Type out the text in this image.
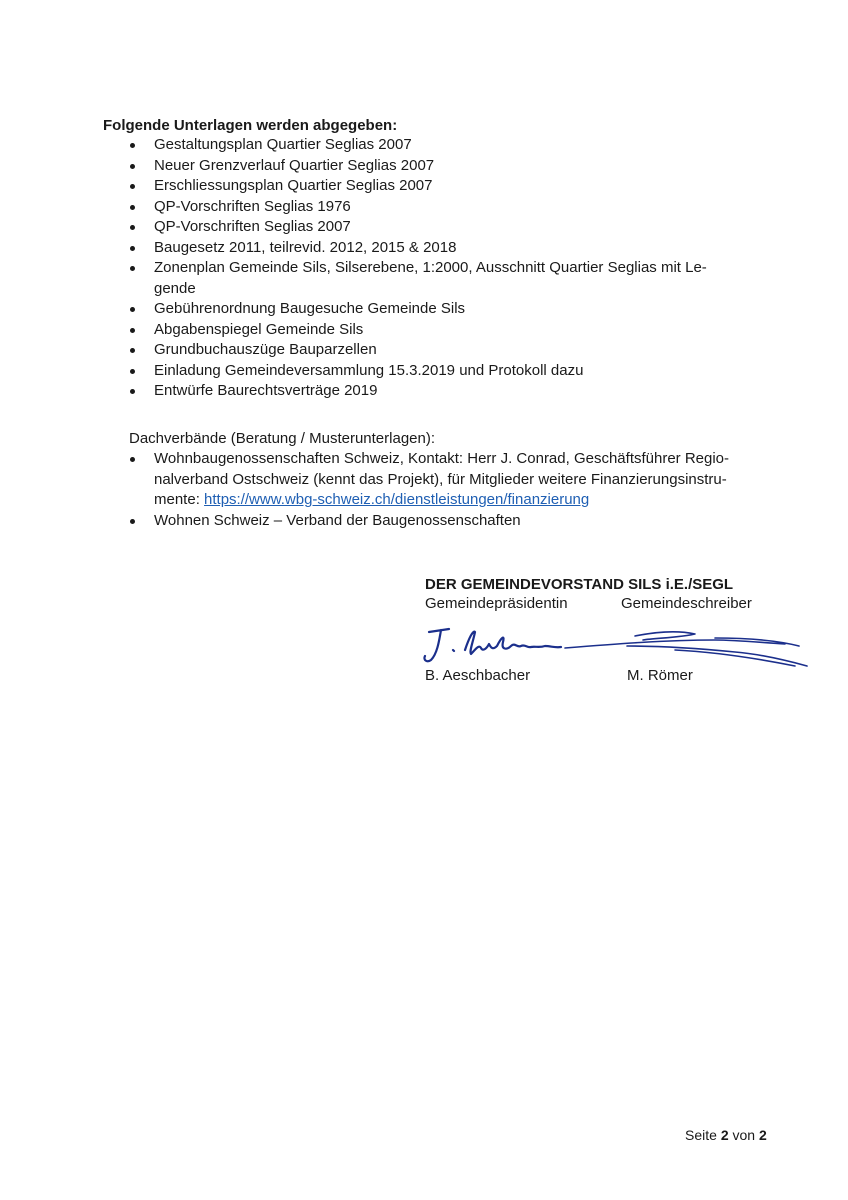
Folgende Unterlagen werden abgegeben:
Gestaltungsplan Quartier Seglias 2007
Neuer Grenzverlauf Quartier Seglias 2007
Erschliessungsplan Quartier Seglias 2007
QP-Vorschriften Seglias 1976
QP-Vorschriften Seglias 2007
Baugesetz 2011, teilrevid. 2012, 2015 & 2018
Zonenplan Gemeinde Sils, Silserebene, 1:2000, Ausschnitt Quartier Seglias mit Le-
gende
Gebührenordnung Baugesuche Gemeinde Sils
Abgabenspiegel Gemeinde Sils
Grundbuchauszüge Bauparzellen
Einladung Gemeindeversammlung 15.3.2019 und Protokoll dazu
Entwürfe Baurechtsverträge 2019
Dachverbände (Beratung / Musterunterlagen):
Wohnbaugenossenschaften Schweiz, Kontakt: Herr J. Conrad, Geschäftsführer Regio-
nalverband Ostschweiz (kennt das Projekt), für Mitglieder weitere Finanzierungsinstru-
mente: https://www.wbg-schweiz.ch/dienstleistungen/finanzierung
Wohnen Schweiz – Verband der Baugenossenschaften
DER GEMEINDEVORSTAND SILS i.E./SEGL
Gemeindepräsidentin	Gemeindeschreiber
B. Aeschbacher	M. Römer
Seite 2 von 2
